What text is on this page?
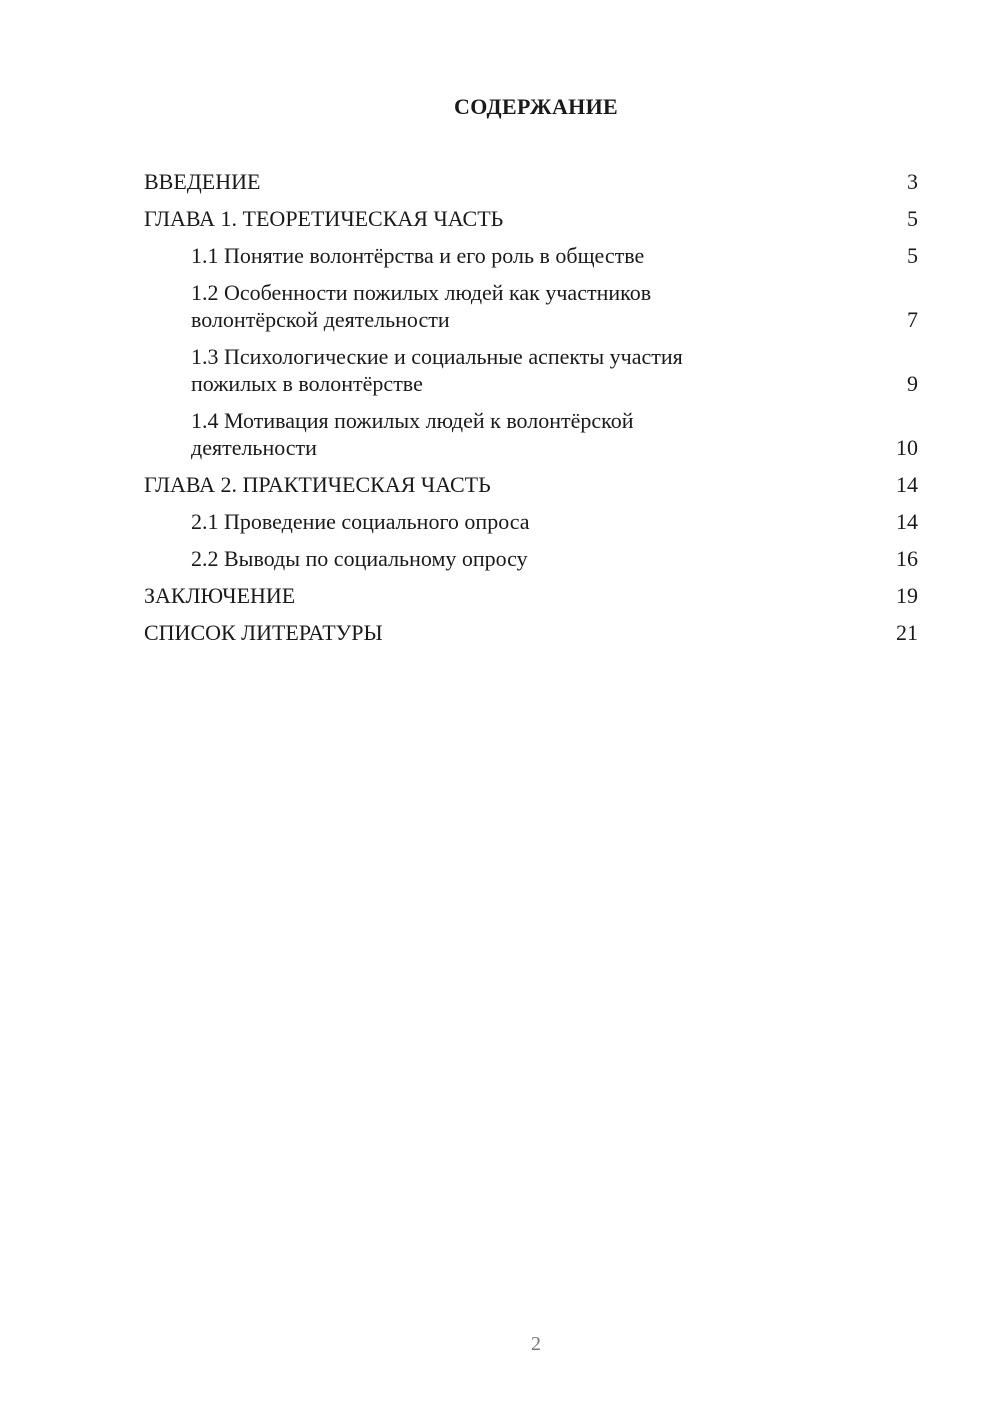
СОДЕРЖАНИЕ
ВВЕДЕНИЕ	3
ГЛАВА 1. ТЕОРЕТИЧЕСКАЯ ЧАСТЬ	5
1.1 Понятие волонтёрства и его роль в обществе	5
1.2 Особенности пожилых людей как участников волонтёрской деятельности	7
1.3 Психологические и социальные аспекты участия пожилых в волонтёрстве	9
1.4 Мотивация пожилых людей к волонтёрской деятельности	10
ГЛАВА 2. ПРАКТИЧЕСКАЯ ЧАСТЬ	14
2.1 Проведение социального опроса	14
2.2 Выводы по социальному опросу	16
ЗАКЛЮЧЕНИЕ	19
СПИСОК ЛИТЕРАТУРЫ	21
2
